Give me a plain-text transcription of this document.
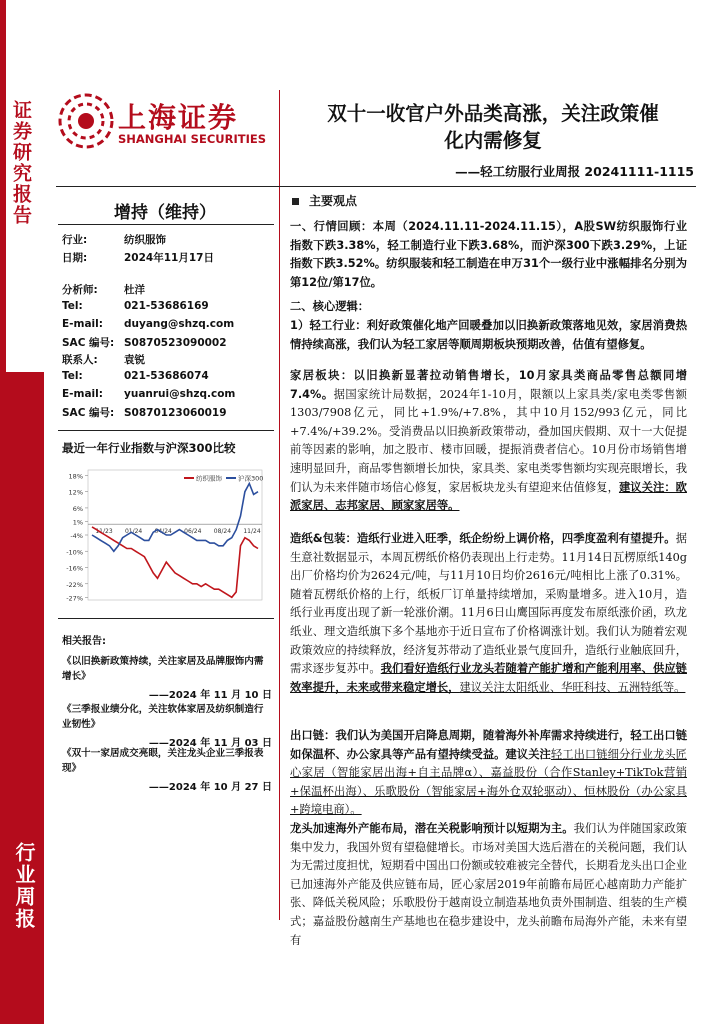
证券研究报告
行业周报
上海证券
SHANGHAI SECURITIES
双十一收官户外品类高涨，关注政策催
化内需修复
——轻工纺服行业周报 20241111-1115
增持（维持）
行业:	纺织服饰
日期:	2024年11月17日
分析师:	杜洋
Tel:	021-53686169
E-mail: duyang@shzq.com
SAC 编号: S0870523090002
联系人:	袁锐
Tel:	021-53686074
E-mail: yuanrui@shzq.com
SAC 编号: S0870123060019
最近一年行业指数与沪深300比较
18%
12%
6%
1%
-4%
-10%
-16%
-22%
-27%
11/23 01/24 04/24 06/24 08/24 11/24
纺织服饰 沪深300
相关报告:
《以旧换新政策持续，关注家居及品牌服饰内需增长》
——2024 年 11 月 10 日
《三季报业绩分化，关注软体家居及纺织制造行业韧性》
——2024 年 11 月 03 日
《双十一家居成交亮眼，关注龙头企业三季报表现》
——2024 年 10 月 27 日
主要观点
一、行情回顾：本周（2024.11.11-2024.11.15），A股SW纺织服饰行业指数下跌3.38%，轻工制造行业下跌3.68%，而沪深300下跌3.29%，上证指数下跌3.52%。纺织服装和轻工制造在申万31个一级行业中涨幅排名分别为第12位/第17位。
二、核心逻辑：
1）轻工行业：利好政策催化地产回暖叠加以旧换新政策落地见效，家居消费热情持续高涨，我们认为轻工家居等顺周期板块预期改善，估值有望修复。
家居板块：以旧换新显著拉动销售增长，10月家具类商品零售总额同增7.4%。据国家统计局数据，2024年1-10月，限额以上家具类/家电类零售额1303/7908亿元，同比+1.9%/+7.8%，其中10月152/993亿元，同比+7.4%/+39.2%。受消费品以旧换新政策带动，叠加国庆假期、双十一大促提前等因素的影响，加之股市、楼市回暖，提振消费者信心。10月份市场销售增速明显回升，商品零售额增长加快，家具类、家电类零售额均实现亮眼增长，我们认为未来伴随市场信心修复，家居板块龙头有望迎来估值修复，建议关注：欧派家居、志邦家居、顾家家居等。
造纸&包装：造纸行业进入旺季，纸企纷纷上调价格，四季度盈利有望提升。据生意社数据显示，本周瓦楞纸价格仍表现出上行走势。11月14日瓦楞原纸140g出厂价格均价为2624元/吨，与11月10日均价2616元/吨相比上涨了0.31%。随着瓦楞纸价格的上行，纸板厂订单量持续增加，采购量增多。进入10月，造纸行业再度出现了新一轮涨价潮。11月6日山鹰国际再度发布原纸涨价函，玖龙纸业、理文造纸旗下多个基地亦于近日宣布了价格调涨计划。我们认为随着宏观政策效应的持续释放，经济复苏带动了造纸业景气度回升，造纸行业触底回升，需求逐步复苏中。我们看好造纸行业龙头若随着产能扩增和产能利用率、供应链效率提升，未来或带来稳定增长，建议关注太阳纸业、华旺科技、五洲特纸等。
出口链：我们认为美国开启降息周期，随着海外补库需求持续进行，轻工出口链如保温杯、办公家具等产品有望持续受益。建议关注轻工出口链细分行业龙头匠心家居（智能家居出海+自主品牌α）、嘉益股份（合作Stanley+TikTok营销+保温杯出海）、乐歌股份（智能家居+海外仓双轮驱动）、恒林股份（办公家具+跨境电商）。
龙头加速海外产能布局，潜在关税影响预计以短期为主。我们认为伴随国家政策集中发力，我国外贸有望稳健增长。市场对美国大选后潜在的关税问题，我们认为无需过度担忧，短期看中国出口份额或较难被完全替代，长期看龙头出口企业已加速海外产能及供应链布局，匠心家居2019年前瞻布局匠心越南助力产能扩张、降低关税风险；乐歌股份于越南设立制造基地负责外围制造、组装的生产模式；嘉益股份越南生产基地也在稳步建设中，龙头前瞻布局海外产能，未来有望有
